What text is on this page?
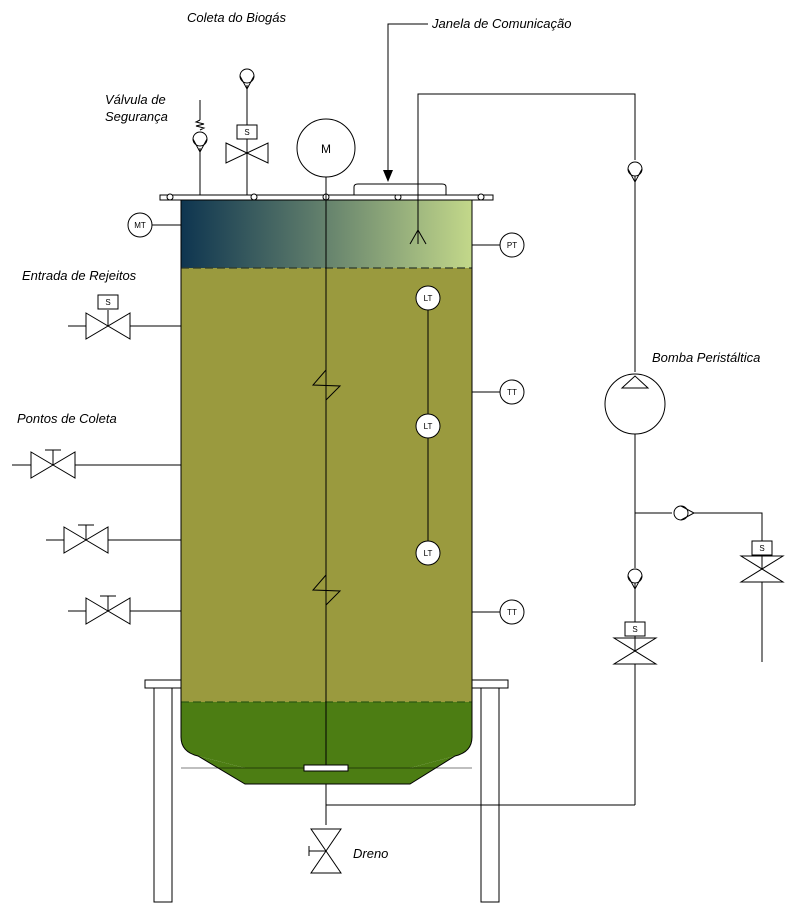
M
MT
PT
LT
LT
LT
TT
TT
S
S
S
S
Coleta do Biogás	Janela de Comunicação
Válvula de
Segurança
Entrada de Rejeitos
Pontos de Coleta
Bomba Peristáltica
Dreno
